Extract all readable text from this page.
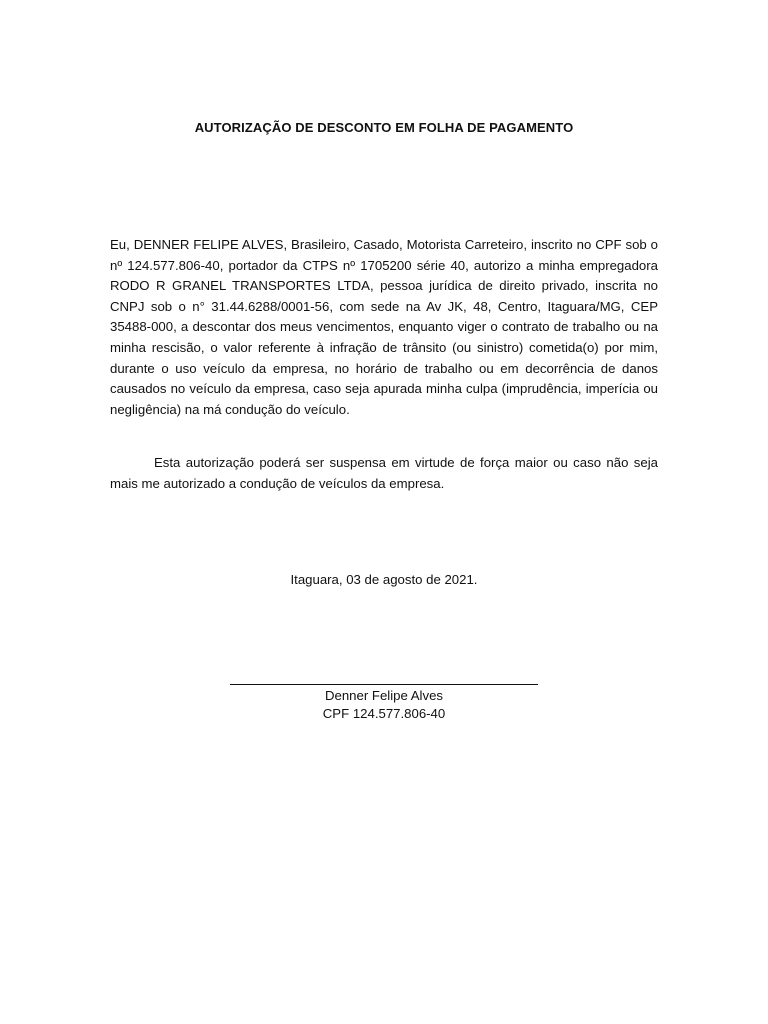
AUTORIZAÇÃO DE DESCONTO EM FOLHA DE PAGAMENTO

Eu, DENNER FELIPE ALVES, Brasileiro, Casado, Motorista Carreteiro, inscrito no CPF sob o nº 124.577.806-40, portador da CTPS nº 1705200 série 40, autorizo a minha empregadora RODO R GRANEL TRANSPORTES LTDA, pessoa jurídica de direito privado, inscrita no CNPJ sob o n° 31.44.6288/0001-56, com sede na Av JK, 48, Centro, Itaguara/MG, CEP 35488-000, a descontar dos meus vencimentos, enquanto viger o contrato de trabalho ou na minha rescisão, o valor referente à infração de trânsito (ou sinistro) cometida(o) por mim, durante o uso veículo da empresa, no horário de trabalho ou em decorrência de danos causados no veículo da empresa, caso seja apurada minha culpa (imprudência, imperícia ou negligência) na má condução do veículo.

Esta autorização poderá ser suspensa em virtude de força maior ou caso não seja mais me autorizado a condução de veículos da empresa.

Itaguara, 03 de agosto de 2021.
Denner Felipe Alves
CPF 124.577.806-40
